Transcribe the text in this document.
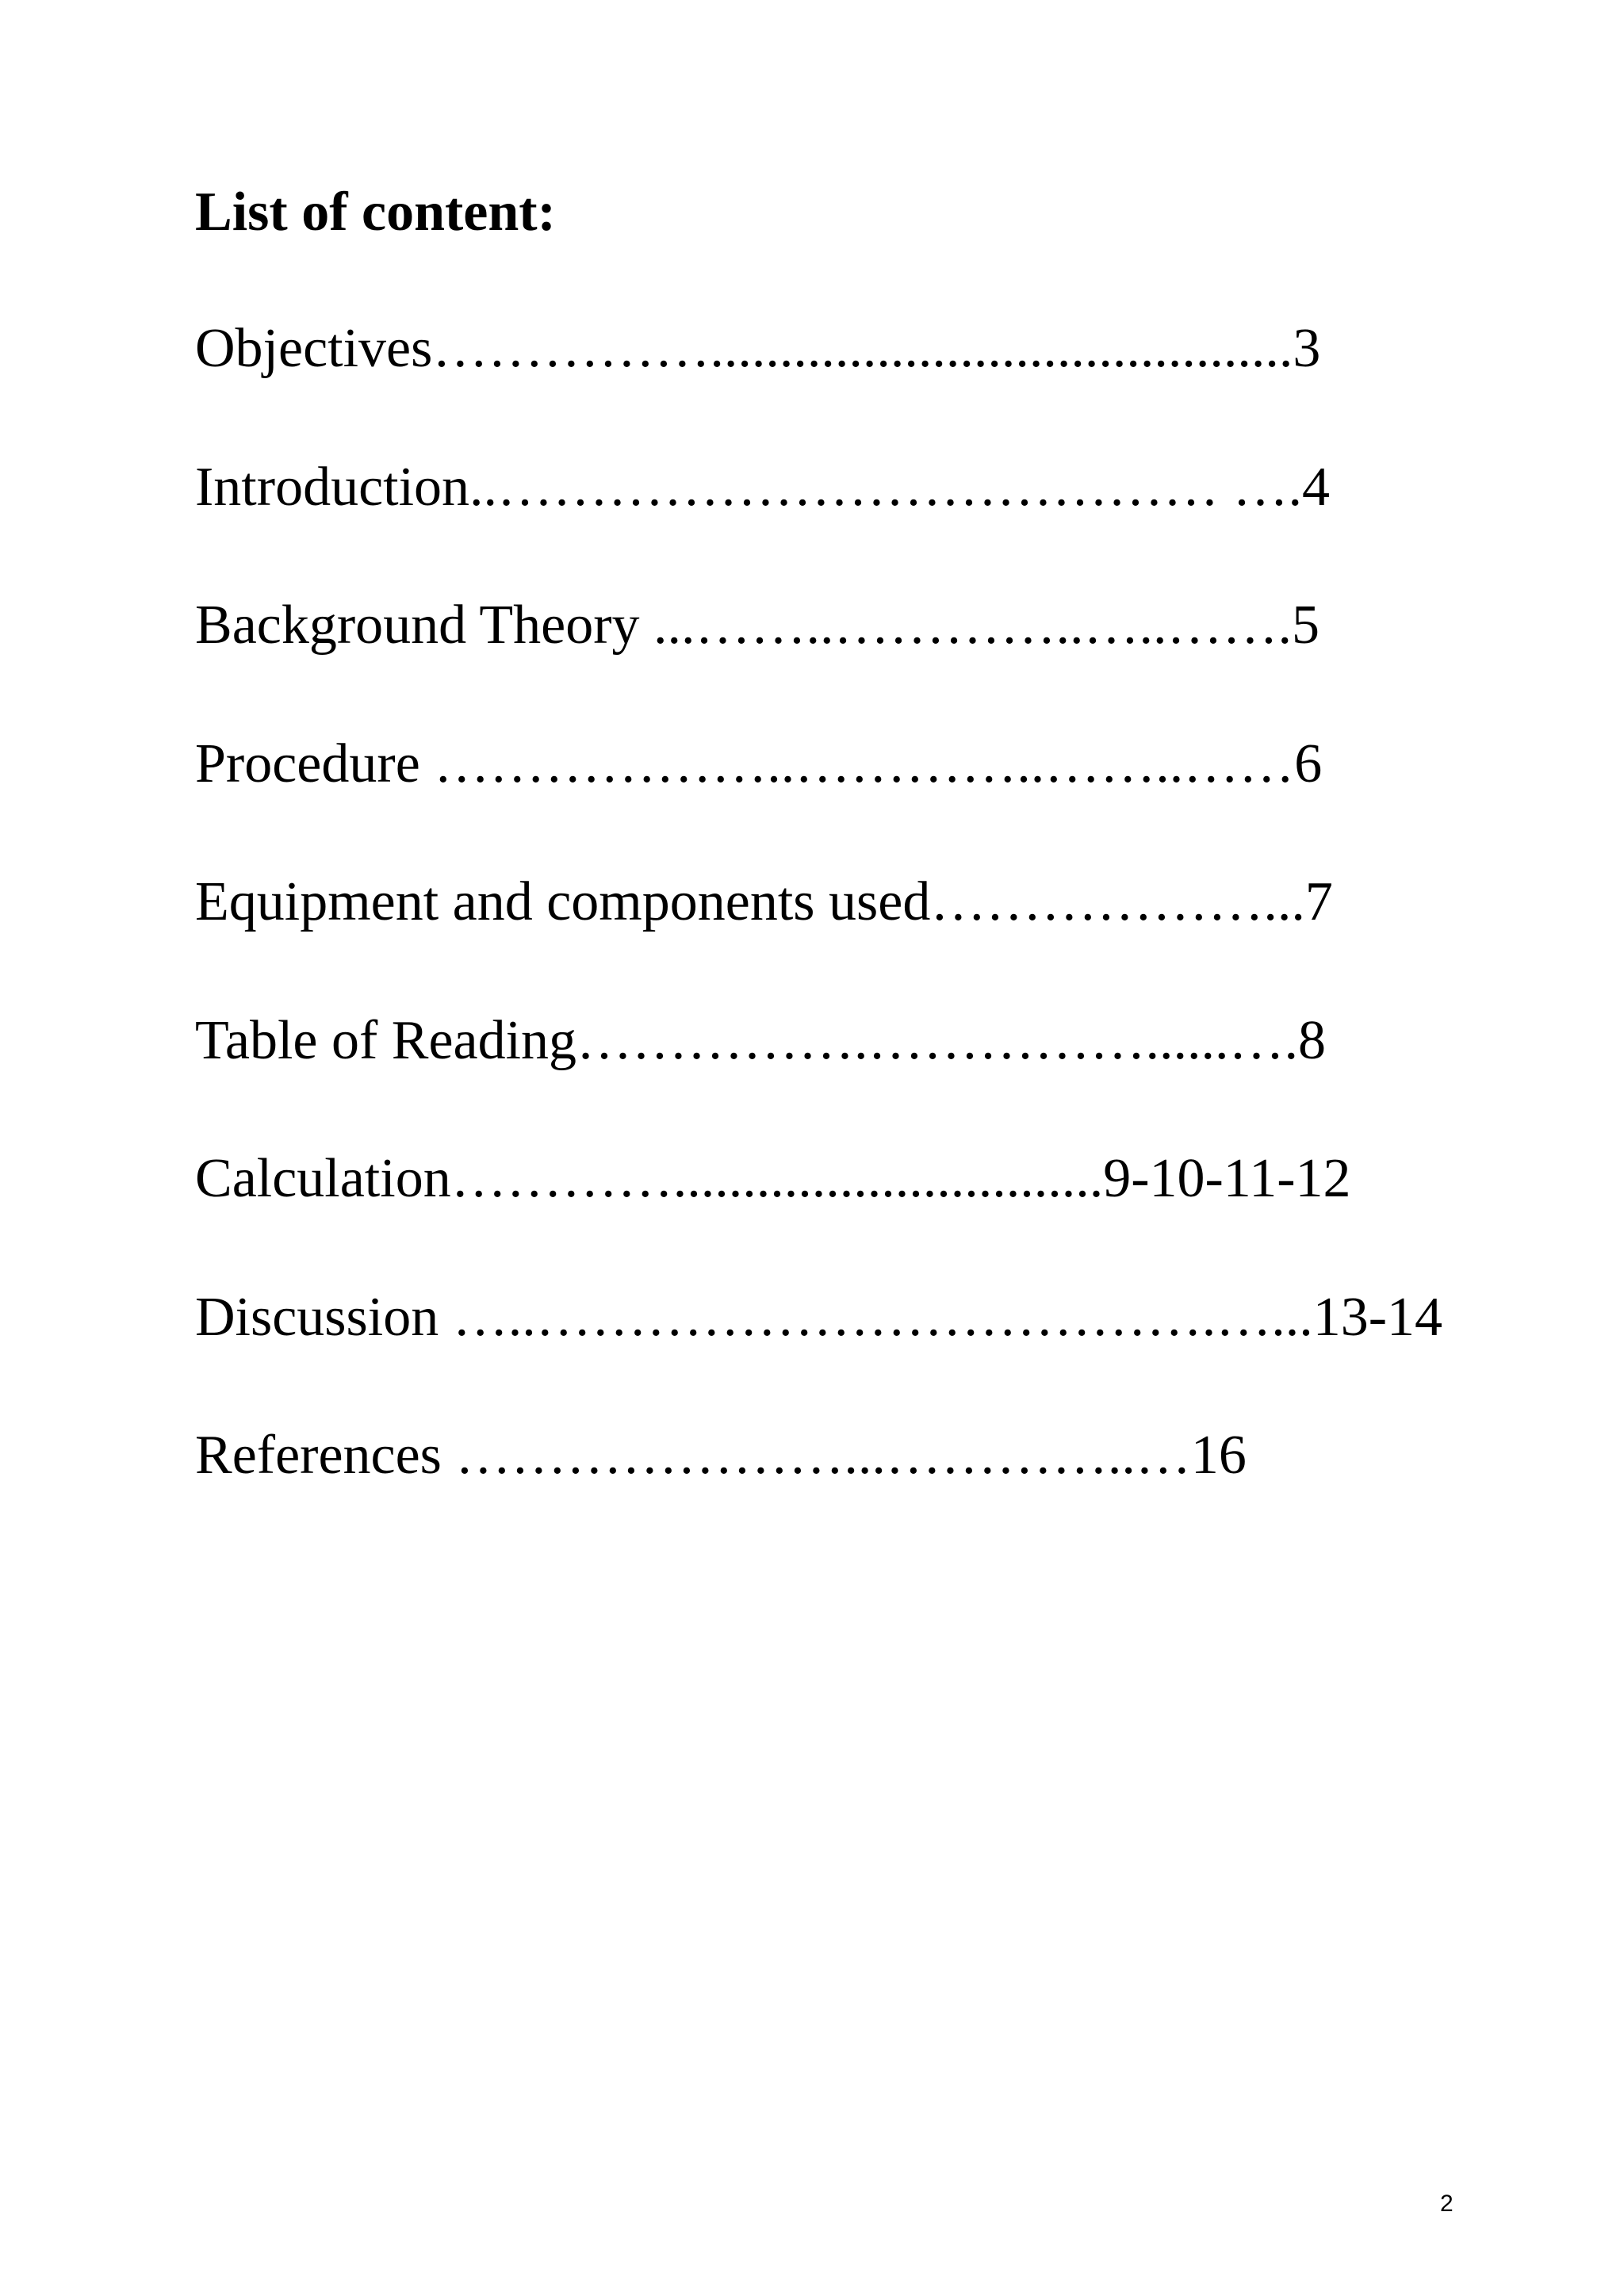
List of content:
Objectives……………..........................................3
Introduction..………………………………… ….4
Background Theory ...……..…………..…..…….5
Procedure ………………..…………..……..……6
Equipment and components used………………...7
Table of Reading…………….……………......….8
Calculation…………...............................9-10-11-12
Discussion …..……………………………….…...13-14
References …………………...…………..…16
2
